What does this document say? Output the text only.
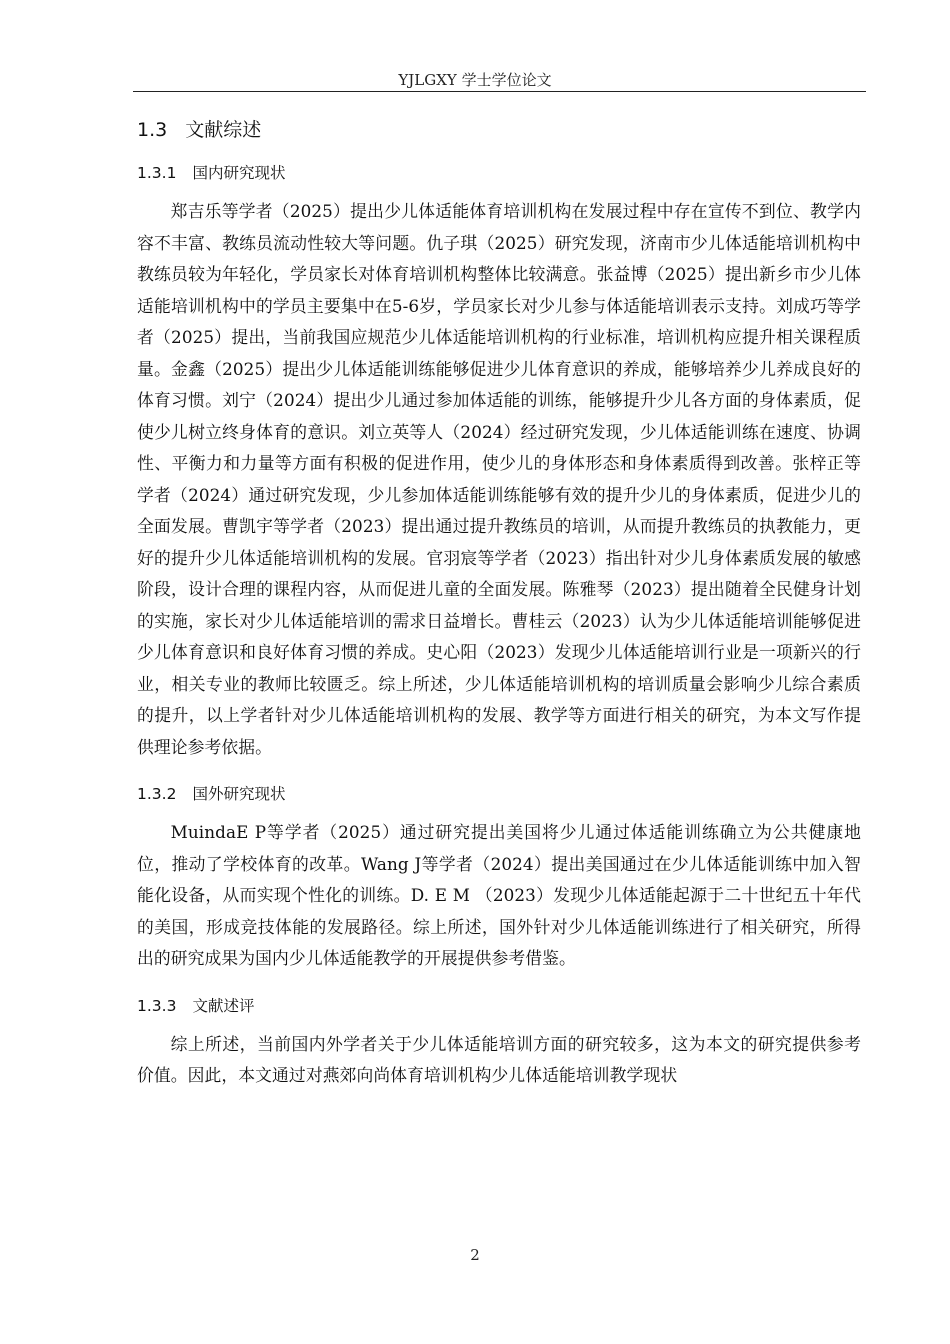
YJLGXY 学士学位论文
1.3 文献综述
1.3.1 国内研究现状

郑吉乐等学者（2025）提出少儿体适能体育培训机构在发展过程中存在宣传不到位、教学内容不丰富、教练员流动性较大等问题。仇子琪（2025）研究发现，济南市少儿体适能培训机构中教练员较为年轻化，学员家长对体育培训机构整体比较满意。张益博（2025）提出新乡市少儿体适能培训机构中的学员主要集中在5-6岁，学员家长对少儿参与体适能培训表示支持。刘成巧等学者（2025）提出，当前我国应规范少儿体适能培训机构的行业标准，培训机构应提升相关课程质量。金鑫（2025）提出少儿体适能训练能够促进少儿体育意识的养成，能够培养少儿养成良好的体育习惯。刘宁（2024）提出少儿通过参加体适能的训练，能够提升少儿各方面的身体素质，促使少儿树立终身体育的意识。刘立英等人（2024）经过研究发现，少儿体适能训练在速度、协调性、平衡力和力量等方面有积极的促进作用，使少儿的身体形态和身体素质得到改善。张梓正等学者（2024）通过研究发现，少儿参加体适能训练能够有效的提升少儿的身体素质，促进少儿的全面发展。曹凯宇等学者（2023）提出通过提升教练员的培训，从而提升教练员的执教能力，更好的提升少儿体适能培训机构的发展。官羽宸等学者（2023）指出针对少儿身体素质发展的敏感阶段，设计合理的课程内容，从而促进儿童的全面发展。陈雅琴（2023）提出随着全民健身计划的实施，家长对少儿体适能培训的需求日益增长。曹桂云（2023）认为少儿体适能培训能够促进少儿体育意识和良好体育习惯的养成。史心阳（2023）发现少儿体适能培训行业是一项新兴的行业，相关专业的教师比较匮乏。综上所述，少儿体适能培训机构的培训质量会影响少儿综合素质的提升，以上学者针对少儿体适能培训机构的发展、教学等方面进行相关的研究，为本文写作提供理论参考依据。

1.3.2 国外研究现状

MuindaE P等学者（2025）通过研究提出美国将少儿通过体适能训练确立为公共健康地位，推动了学校体育的改革。Wang J等学者（2024）提出美国通过在少儿体适能训练中加入智能化设备，从而实现个性化的训练。D. E M （2023）发现少儿体适能起源于二十世纪五十年代的美国，形成竞技体能的发展路径。综上所述，国外针对少儿体适能训练进行了相关研究，所得出的研究成果为国内少儿体适能教学的开展提供参考借鉴。

1.3.3 文献述评

综上所述，当前国内外学者关于少儿体适能培训方面的研究较多，这为本文的研究提供参考价值。因此，本文通过对燕郊向尚体育培训机构少儿体适能培训教学现状

2
